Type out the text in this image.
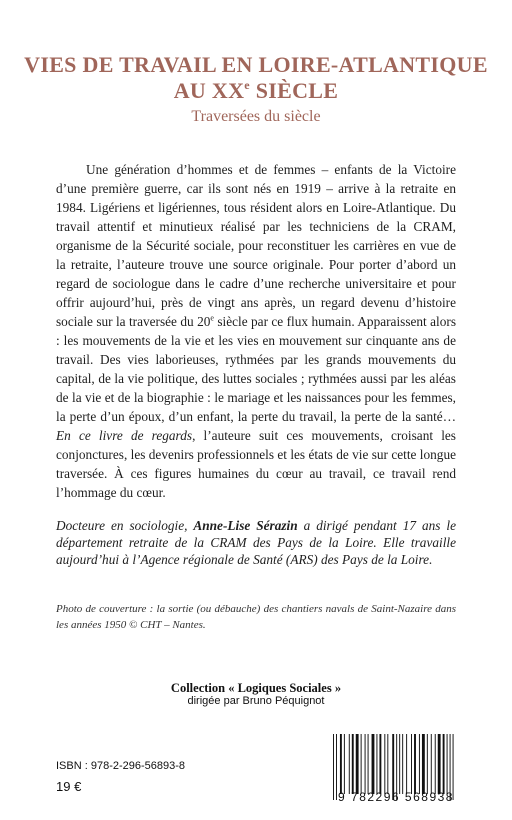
VIES DE TRAVAIL EN LOIRE-ATLANTIQUE
AU XXe SIÈCLE
Traversées du siècle

Une génération d’hommes et de femmes – enfants de la Victoire d’une première guerre, car ils sont nés en 1919 – arrive à la retraite en 1984. Ligériens et ligériennes, tous résident alors en Loire-Atlantique. Du travail attentif et minutieux réalisé par les techniciens de la CRAM, organisme de la Sécurité sociale, pour reconstituer les carrières en vue de la retraite, l’auteure trouve une source originale. Pour porter d’abord un regard de sociologue dans le cadre d’une recherche universitaire et pour offrir aujourd’hui, près de vingt ans après, un regard devenu d’histoire sociale sur la traversée du 20e siècle par ce flux humain. Apparaissent alors : les mouvements de la vie et les vies en mouvement sur cinquante ans de travail. Des vies laborieuses, rythmées par les grands mouvements du capital, de la vie politique, des luttes sociales ; rythmées aussi par les aléas de la vie et de la biographie : le mariage et les naissances pour les femmes, la perte d’un époux, d’un enfant, la perte du travail, la perte de la santé… En ce livre de regards, l’auteure suit ces mouvements, croisant les conjonctures, les devenirs professionnels et les états de vie sur cette longue traversée. À ces figures humaines du cœur au travail, ce travail rend l’hommage du cœur.

Docteure en sociologie, Anne-Lise Sérazin a dirigé pendant 17 ans le département retraite de la CRAM des Pays de la Loire. Elle travaille aujourd’hui à l’Agence régionale de Santé (ARS) des Pays de la Loire.
Photo de couverture : la sortie (ou débauche) des chantiers navals de Saint-Nazaire dans les années 1950 © CHT – Nantes.
Collection « Logiques Sociales »
dirigée par Bruno Péquignot
ISBN : 978-2-296-56893-8
19 €
9 782296 568938
